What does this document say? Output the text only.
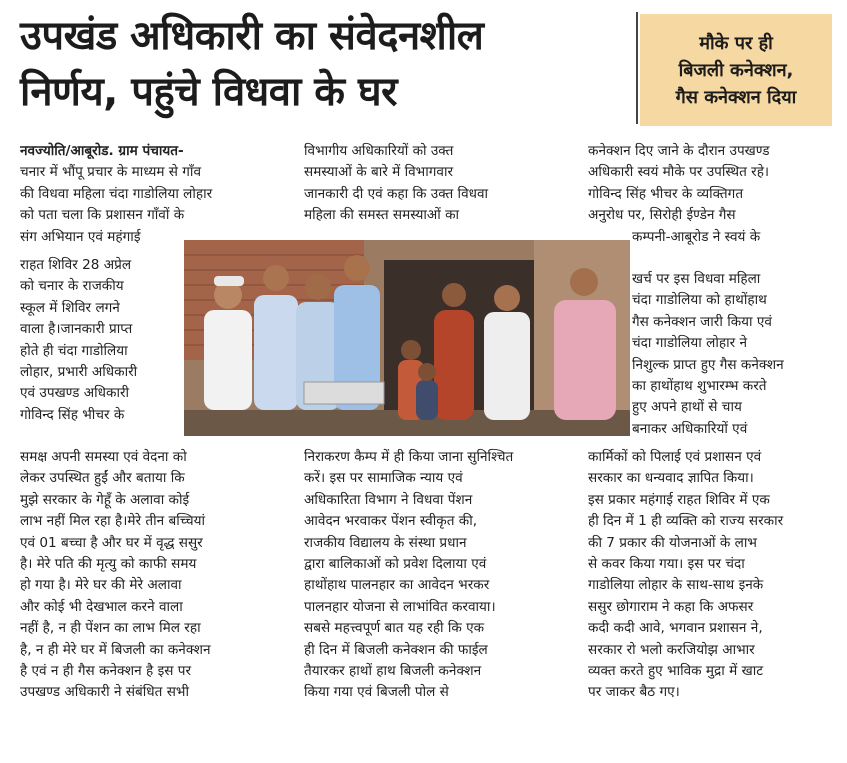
उपखंड अधिकारी का संवेदनशील
निर्णय, पहुंचे विधवा के घर
मौके पर ही
बिजली कनेक्शन,
गैस कनेक्शन दिया

नवज्योति/आबूरोड. ग्राम पंचायत-

चनार में भौंपू प्रचार के माध्यम से गाँव

की विधवा महिला चंदा गाडोलिया लोहार

को पता चला कि प्रशासन गाँवों के

संग अभियान एवं महंगाई

राहत शिविर 28 अप्रेल

को चनार के राजकीय

स्कूल में शिविर लगने

वाला है।जानकारी प्राप्त

होते ही चंदा गाडोलिया

लोहार, प्रभारी अधिकारी

एवं उपखण्ड अधिकारी

गोविन्द सिंह भीचर के

समक्ष अपनी समस्या एवं वेदना को

लेकर उपस्थित हुईं और बताया कि

मुझे सरकार के गेहूँ के अलावा कोई

लाभ नहीं मिल रहा है।मेरे तीन बच्चियां

एवं 01 बच्चा है और घर में वृद्ध ससुर

है। मेरे पति की मृत्यु को काफी समय

हो गया है। मेरे घर की मेरे अलावा

और कोई भी देखभाल करने वाला

नहीं है, न ही पेंशन का लाभ मिल रहा

है, न ही मेरे घर में बिजली का कनेक्शन

है एवं न ही गैस कनेक्शन है इस पर

उपखण्ड अधिकारी ने संबंधित सभी

विभागीय अधिकारियों को उक्त

समस्याओं के बारे में विभागवार

जानकारी दी एवं कहा कि उक्त विधवा

महिला की समस्त समस्याओं का

निराकरण कैम्प में ही किया जाना सुनिश्चित

करें। इस पर सामाजिक न्याय एवं

अधिकारिता विभाग ने विधवा पेंशन

आवेदन भरवाकर पेंशन स्वीकृत की,

राजकीय विद्यालय के संस्था प्रधान

द्वारा बालिकाओं को प्रवेश दिलाया एवं

हाथोंहाथ पालनहार का आवेदन भरकर

पालनहार योजना से लाभांवित करवाया।

सबसे महत्त्वपूर्ण बात यह रही कि एक

ही दिन में बिजली कनेक्शन की फाईल

तैयारकर हाथों हाथ बिजली कनेक्शन

किया गया एवं बिजली पोल से

कनेक्शन दिए जाने के दौरान उपखण्ड

अधिकारी स्वयं मौके पर उपस्थित रहे।

गोविन्द सिंह भीचर के व्यक्तिगत

अनुरोध पर, सिरोही ईण्डेन गैस

कम्पनी-आबूरोड ने स्वयं के

खर्च पर इस विधवा महिला

चंदा गाडोलिया को हाथोंहाथ

गैस कनेक्शन जारी किया एवं

चंदा गाडोलिया लोहार ने

निशुल्क प्राप्त हुए गैस कनेक्शन

का हाथोंहाथ शुभारम्भ करते

हुए अपने हाथों से चाय

बनाकर अधिकारियों एवं

कार्मिकों को पिलाई एवं प्रशासन एवं

सरकार का धन्यवाद ज्ञापित किया।

इस प्रकार महंगाई राहत शिविर में एक

ही दिन में 1 ही व्यक्ति को राज्य सरकार

की 7 प्रकार की योजनाओं के लाभ

से कवर किया गया। इस पर चंदा

गाडोलिया लोहार के साथ-साथ इनके

ससुर छोगाराम ने कहा कि अफसर

कदी कदी आवे, भगवान प्रशासन ने,

सरकार रो भलो करजियोझ आभार

व्यक्त करते हुए भाविक मुद्रा में खाट

पर जाकर बैठ गए।
